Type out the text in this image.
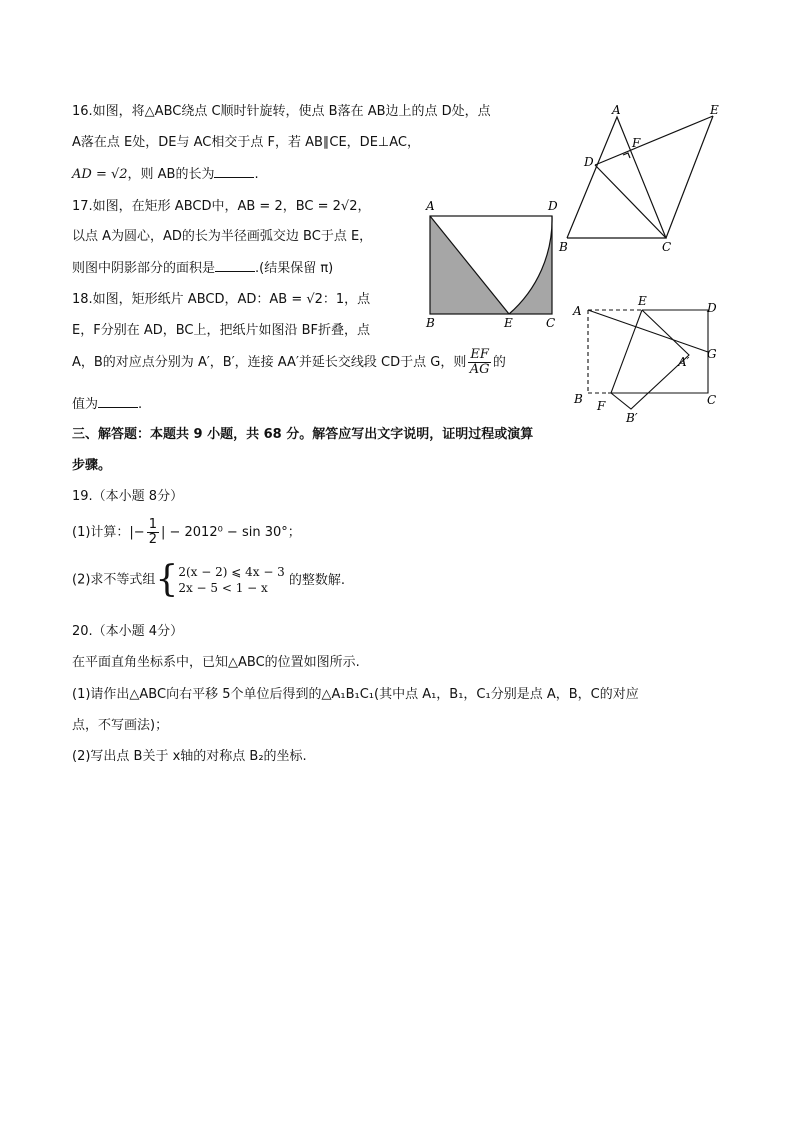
16.如图，将△ABC绕点 C顺时针旋转，使点 B落在 AB边上的点 D处，点
A落在点 E处，DE与 AC相交于点 F，若 AB∥CE，DE⊥AC，
AD = √2，则 AB的长为	.
17.如图，在矩形 ABCD中，AB = 2，BC = 2√2，
以点 A为圆心，AD的长为半径画弧交边 BC于点 E，
则图中阴影部分的面积是	.(结果保留 π)
18.如图，矩形纸片 ABCD，AD：AB = √2：1，点
E，F分别在 AD，BC上，把纸片如图沿 BF折叠，点
A，B的对应点分别为 A′，B′，连接 AA′并延长交线段 CD于点 G，则 $\frac{EF}{AG}$ 的
值为	.
三、解答题：本题共 9 小题，共 68 分。解答应写出文字说明，证明过程或演算
步骤。
19.（本小题 8分）
(1)计算：|− $\frac{1}{2}$ | − 2012⁰ − sin 30°；
(2)求不等式组{ 2(x − 2) ⩽ 4x − 3
2x − 5 < 1 − x
的整数解.
20.（本小题 4分）
在平面直角坐标系中，已知△ABC的位置如图所示.
(1)请作出△ABC向右平移 5个单位后得到的△A₁B₁C₁(其中点 A₁，B₁，C₁分别是点 A，B，C的对应
点，不写画法)；
(2)写出点 B关于 x轴的对称点 B₂的坐标.
A	E
F
D
B	C
A	D
B	E	C
A
E	D
A′
G
B F
B′
C
